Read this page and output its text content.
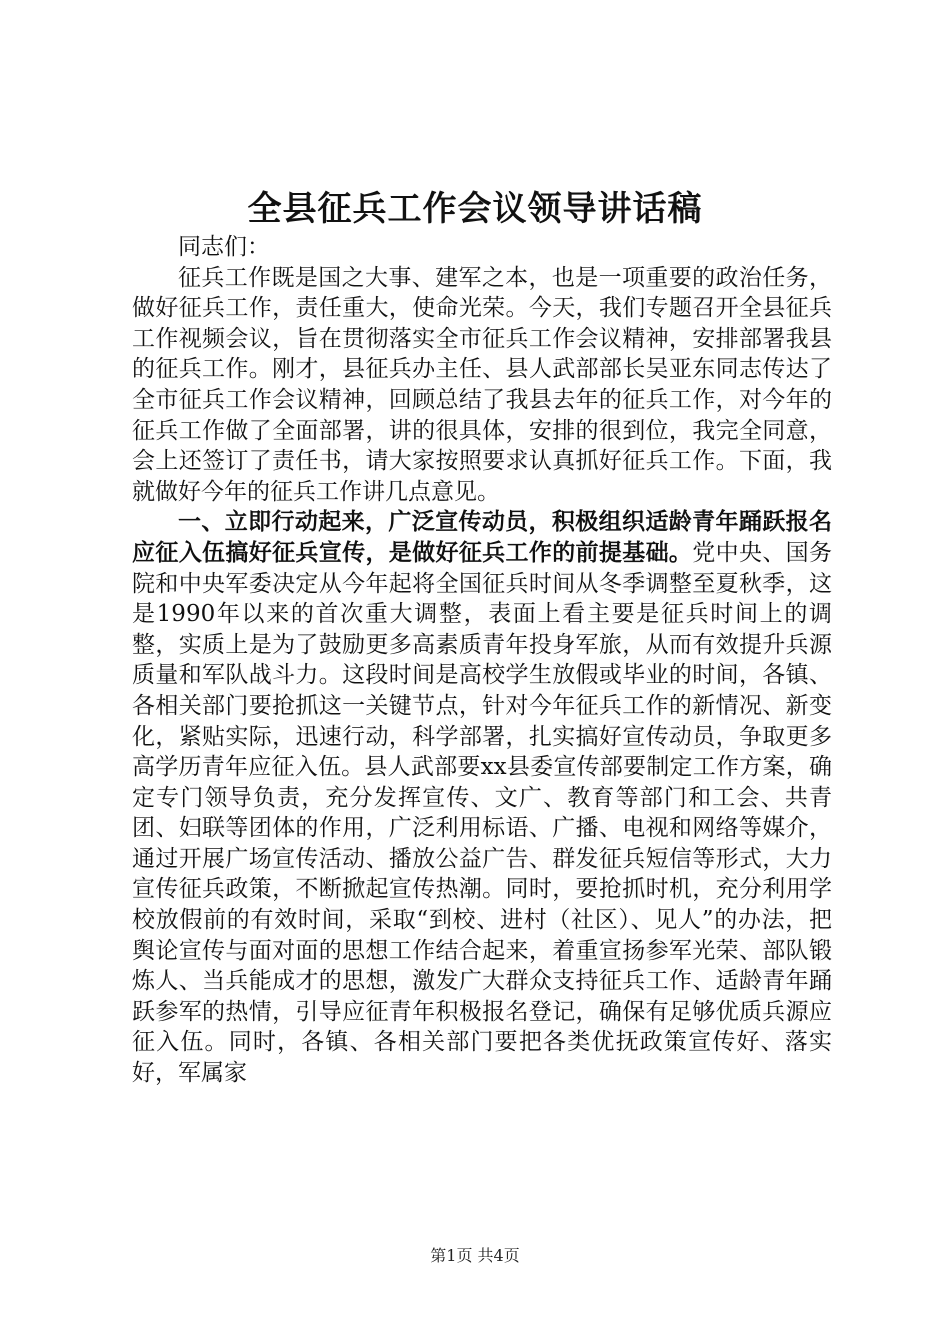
全县征兵工作会议领导讲话稿

同志们：

征兵工作既是国之大事、建军之本，也是一项重要的政治任务，做好征兵工作，责任重大，使命光荣。今天，我们专题召开全县征兵工作视频会议，旨在贯彻落实全市征兵工作会议精神，安排部署我县的征兵工作。刚才，县征兵办主任、县人武部部长吴亚东同志传达了全市征兵工作会议精神，回顾总结了我县去年的征兵工作，对今年的征兵工作做了全面部署，讲的很具体，安排的很到位，我完全同意，会上还签订了责任书，请大家按照要求认真抓好征兵工作。下面，我就做好今年的征兵工作讲几点意见。

一、立即行动起来，广泛宣传动员，积极组织适龄青年踊跃报名应征入伍搞好征兵宣传，是做好征兵工作的前提基础。党中央、国务院和中央军委决定从今年起将全国征兵时间从冬季调整至夏秋季，这是1990年以来的首次重大调整，表面上看主要是征兵时间上的调整，实质上是为了鼓励更多高素质青年投身军旅，从而有效提升兵源质量和军队战斗力。这段时间是高校学生放假或毕业的时间，各镇、各相关部门要抢抓这一关键节点，针对今年征兵工作的新情况、新变化，紧贴实际，迅速行动，科学部署，扎实搞好宣传动员，争取更多高学历青年应征入伍。县人武部要xx县委宣传部要制定工作方案，确定专门领导负责，充分发挥宣传、文广、教育等部门和工会、共青团、妇联等团体的作用，广泛利用标语、广播、电视和网络等媒介，通过开展广场宣传活动、播放公益广告、群发征兵短信等形式，大力宣传征兵政策，不断掀起宣传热潮。同时，要抢抓时机，充分利用学校放假前的有效时间，采取“到校、进村（社区）、见人”的办法，把舆论宣传与面对面的思想工作结合起来，着重宣扬参军光荣、部队锻炼人、当兵能成才的思想，激发广大群众支持征兵工作、适龄青年踊跃参军的热情，引导应征青年积极报名登记，确保有足够优质兵源应征入伍。同时，各镇、各相关部门要把各类优抚政策宣传好、落实好，军属家

第1页 共4页
